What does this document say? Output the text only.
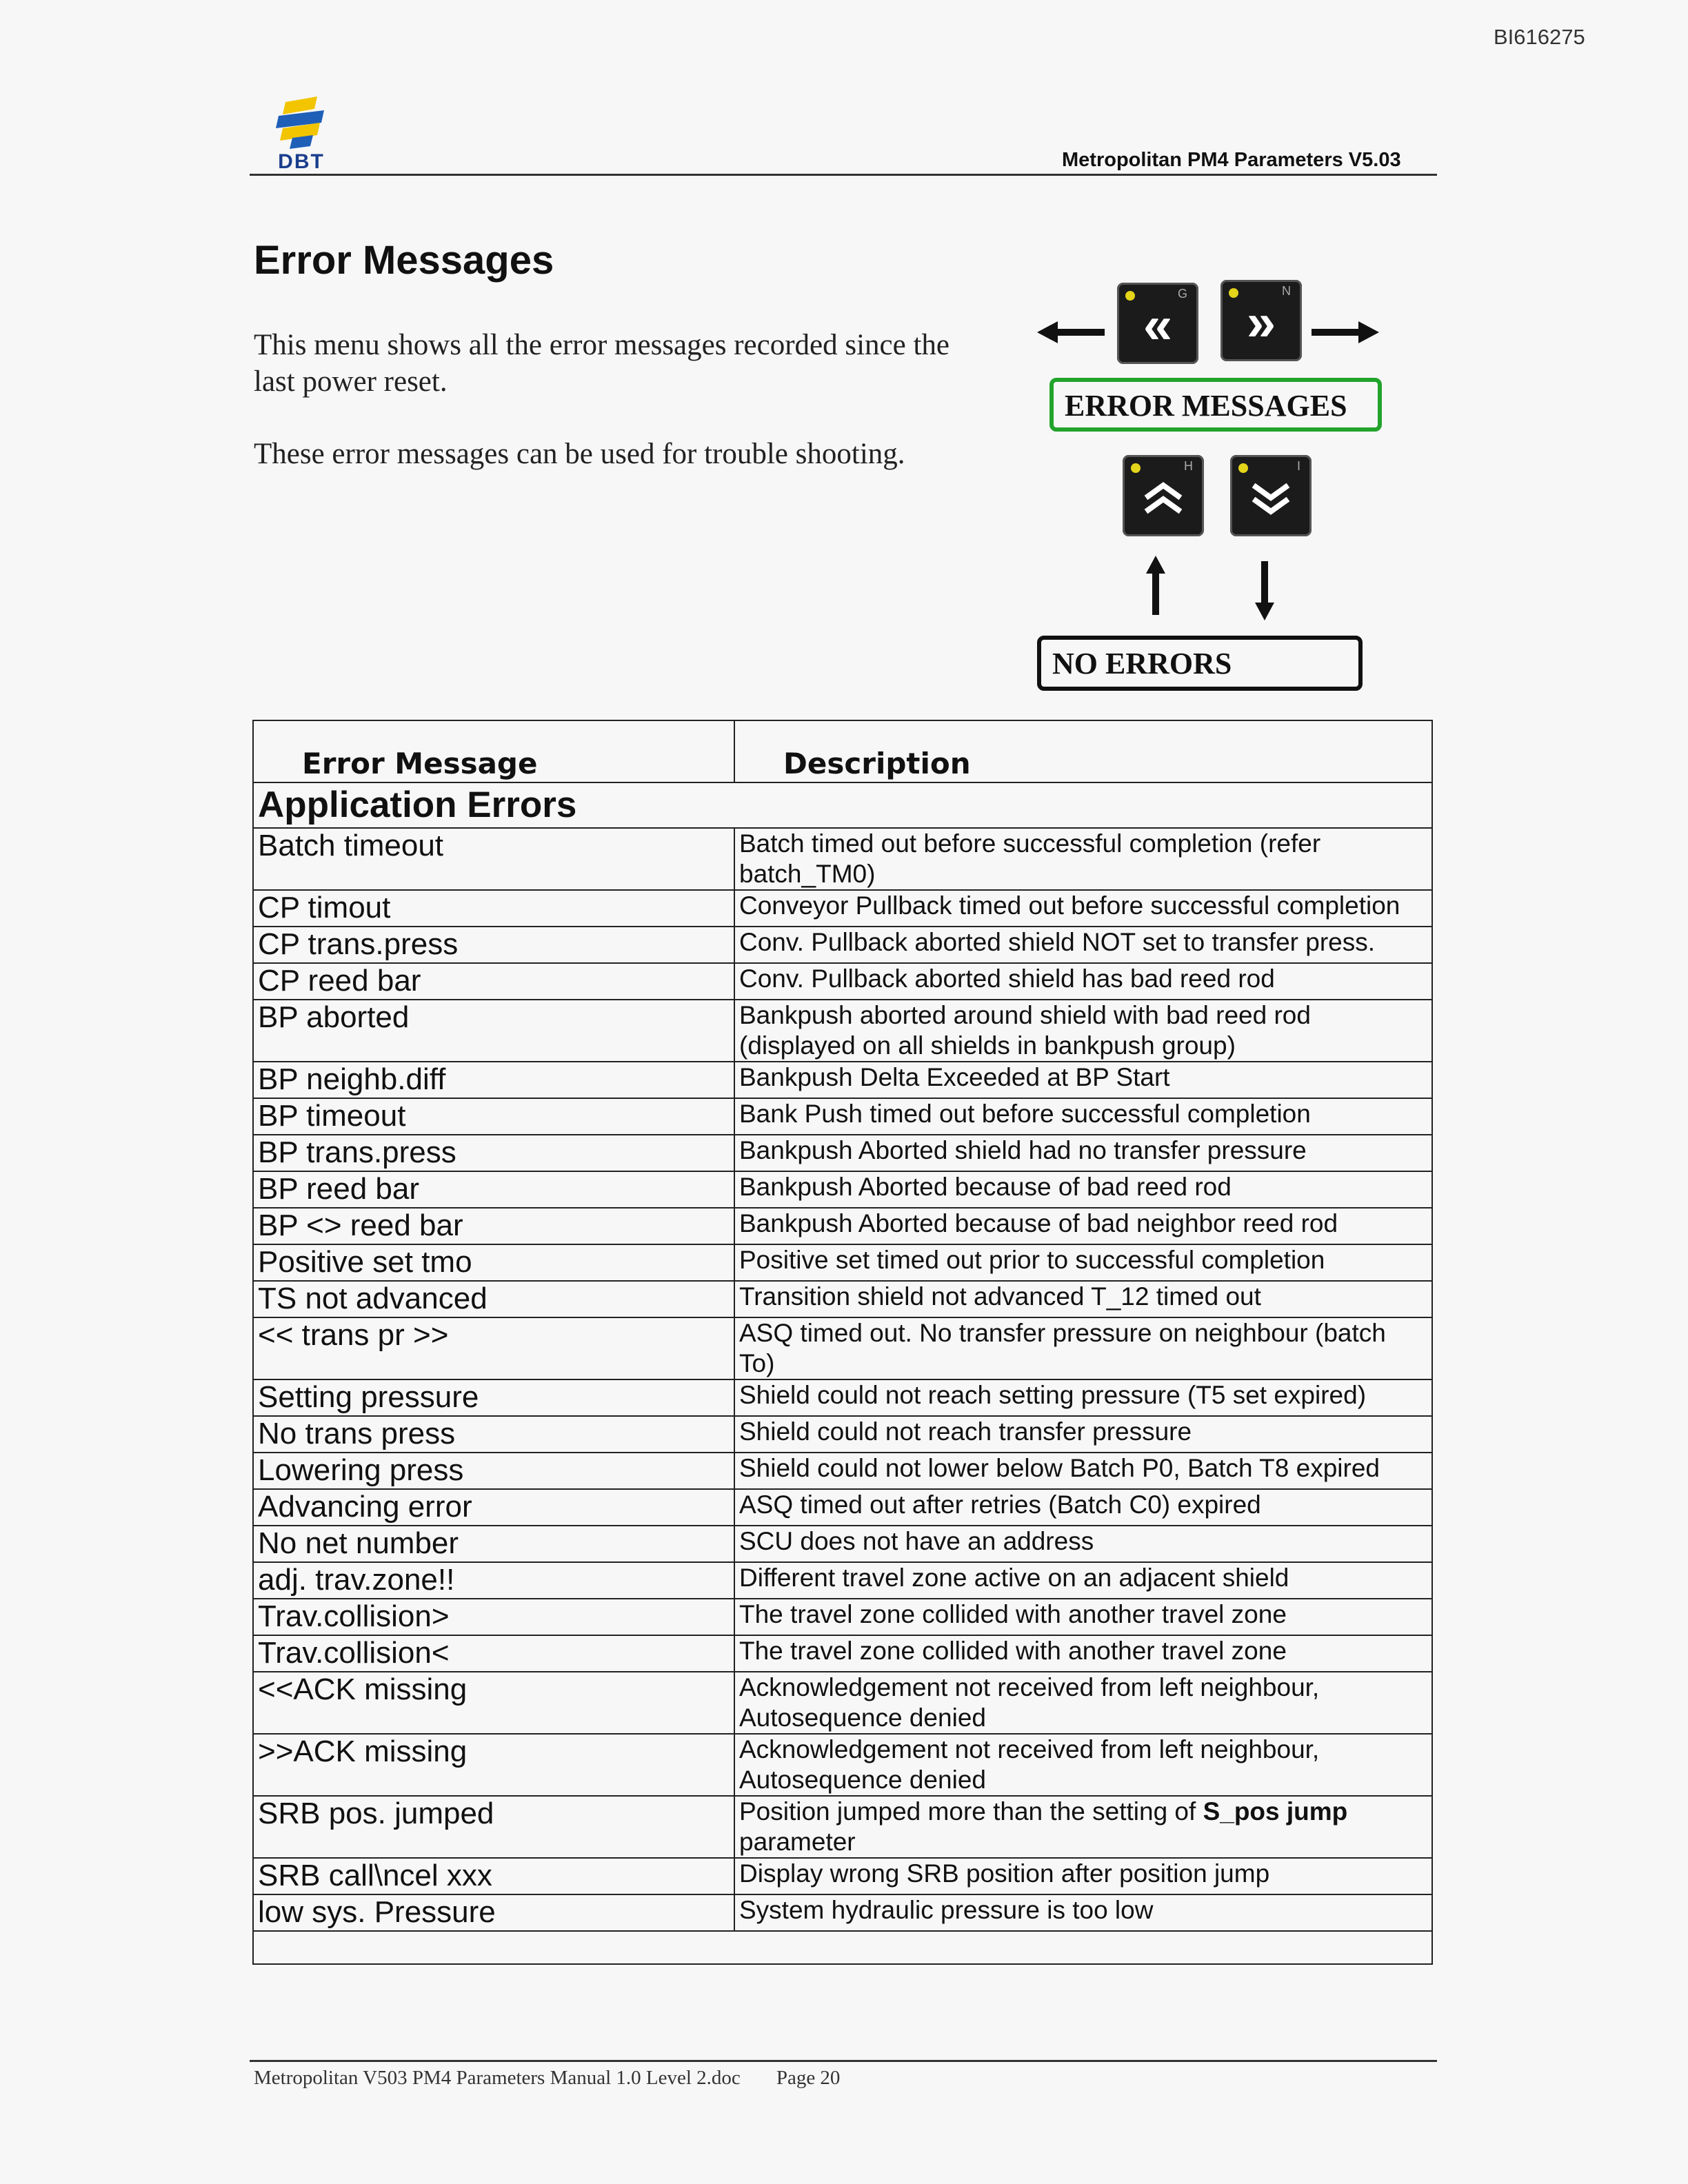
BI616275
DBT	Metropolitan PM4 Parameters V5.03
Error Messages

This menu shows all the error messages recorded since the last power reset.

These error messages can be used for trouble shooting.

G
«
N
»
ERROR MESSAGES
H	I
NO ERRORS
Error Message	Description
Application Errors	
Batch timeout	Batch timed out before successful completion (refer batch_TM0)
CP timout	Conveyor Pullback timed out before successful completion
CP trans.press	Conv. Pullback aborted shield NOT set to transfer press.
CP reed bar	Conv. Pullback aborted shield has bad reed rod
BP aborted	Bankpush aborted around shield with bad reed rod (displayed on all shields in bankpush group)
BP neighb.diff	Bankpush Delta Exceeded at BP Start
BP timeout	Bank Push timed out before successful completion
BP trans.press	Bankpush Aborted shield had no transfer pressure
BP reed bar	Bankpush Aborted because of bad reed rod
BP <> reed bar	Bankpush Aborted because of bad neighbor reed rod
Positive set tmo	Positive set timed out prior to successful completion
TS not advanced	Transition shield not advanced T_12 timed out
<< trans pr >>	ASQ timed out. No transfer pressure on neighbour (batch To)
Setting pressure	Shield could not reach setting pressure (T5 set expired)
No trans press	Shield could not reach transfer pressure
Lowering press	Shield could not lower below Batch P0, Batch T8 expired
Advancing error	ASQ timed out after retries (Batch C0) expired
No net number	SCU does not have an address
adj. trav.zone!!	Different travel zone active on an adjacent shield
Trav.collision>	The travel zone collided with another travel zone
Trav.collision<	The travel zone collided with another travel zone
<<ACK missing	Acknowledgement not received from left neighbour, Autosequence denied
>>ACK missing	Acknowledgement not received from left neighbour, Autosequence denied
SRB pos. jumped	Position jumped more than the setting of S_pos jump parameter
SRB call\ncel xxx	Display wrong SRB position after position jump
low sys. Pressure	System hydraulic pressure is too low

Metropolitan V503 PM4 Parameters Manual 1.0 Level 2.doc Page 20
